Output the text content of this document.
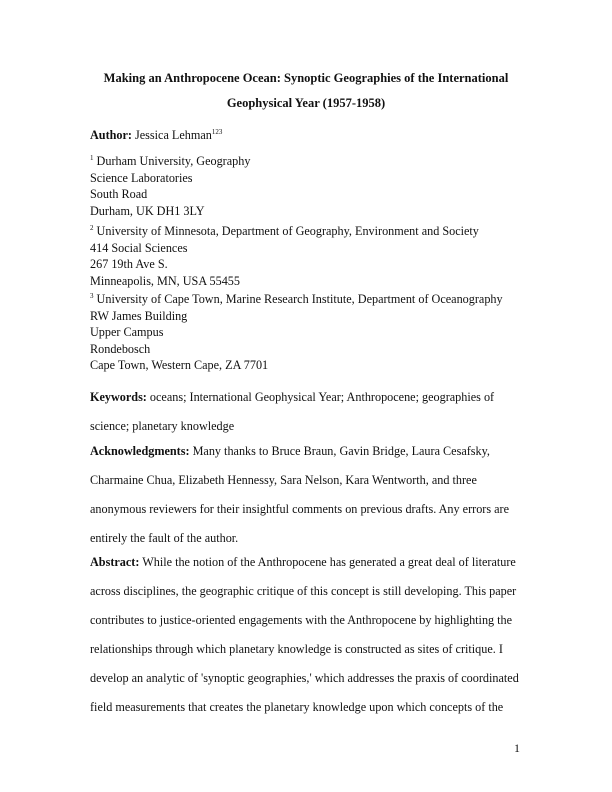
Making an Anthropocene Ocean: Synoptic Geographies of the International
Geophysical Year (1957-1958)
Author: Jessica Lehman$^{123}$
$^1$ Durham University, Geography
Science Laboratories
South Road
Durham, UK DH1 3LY
$^2$ University of Minnesota, Department of Geography, Environment and Society
414 Social Sciences
267 19th Ave S.
Minneapolis, MN, USA 55455
$^3$ University of Cape Town, Marine Research Institute, Department of Oceanography
RW James Building
Upper Campus
Rondebosch
Cape Town, Western Cape, ZA 7701

Keywords: oceans; International Geophysical Year; Anthropocene; geographies of
science; planetary knowledge

Acknowledgments: Many thanks to Bruce Braun, Gavin Bridge, Laura Cesafsky,
Charmaine Chua, Elizabeth Hennessy, Sara Nelson, Kara Wentworth, and three
anonymous reviewers for their insightful comments on previous drafts. Any errors are
entirely the fault of the author.

Abstract: While the notion of the Anthropocene has generated a great deal of literature
across disciplines, the geographic critique of this concept is still developing. This paper
contributes to justice-oriented engagements with the Anthropocene by highlighting the
relationships through which planetary knowledge is constructed as sites of critique. I
develop an analytic of 'synoptic geographies,' which addresses the praxis of coordinated
field measurements that creates the planetary knowledge upon which concepts of the

1
